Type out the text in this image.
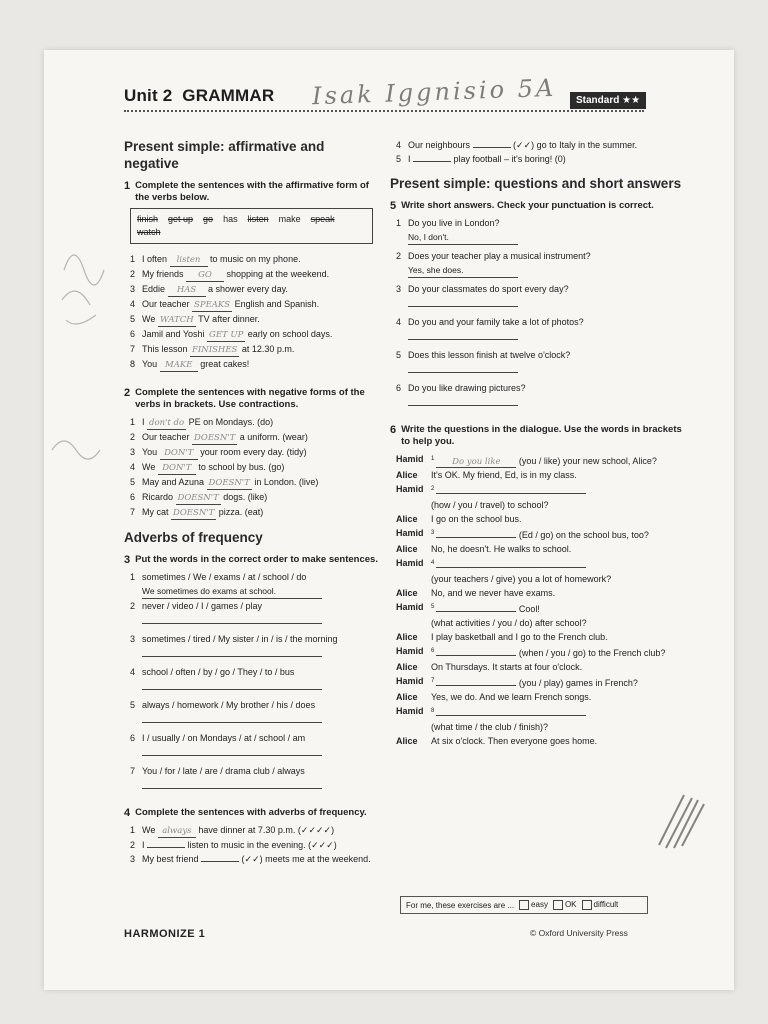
Unit 2 GRAMMAR Isak Iggnisio 5A	Standard ★★
Present simple: affirmative and negative
1 Complete the sentences with the affirmative form of the verbs below.
finish get up go has listen make speak
watch
1 I often listen to music on my phone.
2 My friends GO shopping at the weekend.
3 Eddie HAS a shower every day.
4 Our teacher SPEAKS English and Spanish.
5 We WATCH TV after dinner.
6 Jamil and Yoshi GET UP early on school days.
7 This lesson FINISHES at 12.30 p.m.
8 You MAKE great cakes!
2 Complete the sentences with negative forms of the verbs in brackets. Use contractions.
1 I don't do PE on Mondays. (do)
2 Our teacher DOESN'T a uniform. (wear)
3 You DON'T your room every day. (tidy)
4 We DON'T to school by bus. (go)
5 May and Azuna DOESN'T in London. (live)
6 Ricardo DOESN'T dogs. (like)
7 My cat DOESN'T pizza. (eat)
Adverbs of frequency
3 Put the words in the correct order to make sentences.
1 sometimes / We / exams / at / school / do
We sometimes do exams at school.
2 never / video / I / games / play
3 sometimes / tired / My sister / in / is / the morning
4 school / often / by / go / They / to / bus
5 always / homework / My brother / his / does
6 I / usually / on Mondays / at / school / am
7 You / for / late / are / drama club / always
4 Complete the sentences with adverbs of frequency.
1 We always have dinner at 7.30 p.m. (✓✓✓✓)
2 I	listen to music in the evening. (✓✓✓)
3 My best friend	(✓✓) meets me at the weekend.
4 Our neighbours	(✓✓) go to Italy in the summer.
5 I	play football – it's boring! (0)
Present simple: questions and short answers
5 Write short answers. Check your punctuation is correct.
1 Do you live in London?
No, I don't.
2 Does your teacher play a musical instrument?
Yes, she does.
3 Do your classmates do sport every day?
4 Do you and your family take a lot of photos?
5 Does this lesson finish at twelve o'clock?
6 Do you like drawing pictures?
6 Write the questions in the dialogue. Use the words in brackets to help you.
Hamid	$^1$ Do you like (you / like) your new school, Alice?
Alice	It's OK. My friend, Ed, is in my class.
Hamid	$^2$
(how / you / travel) to school?
Alice	I go on the school bus.
Hamid	$^3$	(Ed / go) on the school bus, too?
Alice	No, he doesn't. He walks to school.
Hamid	$^4$
(your teachers / give) you a lot of homework?
Alice	No, and we never have exams.
Hamid	$^5$	Cool!
(what activities / you / do) after school?
Alice	I play basketball and I go to the French club.
Hamid	$^6$	(when / you / go) to the French club?
Alice	On Thursdays. It starts at four o'clock.
Hamid	$^7$	(you / play) games in French?
Alice	Yes, we do. And we learn French songs.
Hamid	$^8$
(what time / the club / finish)?
Alice	At six o'clock. Then everyone goes home.
For me, these exercises are ...	easy	OK	difficult
HARMONIZE 1	© Oxford University Press
